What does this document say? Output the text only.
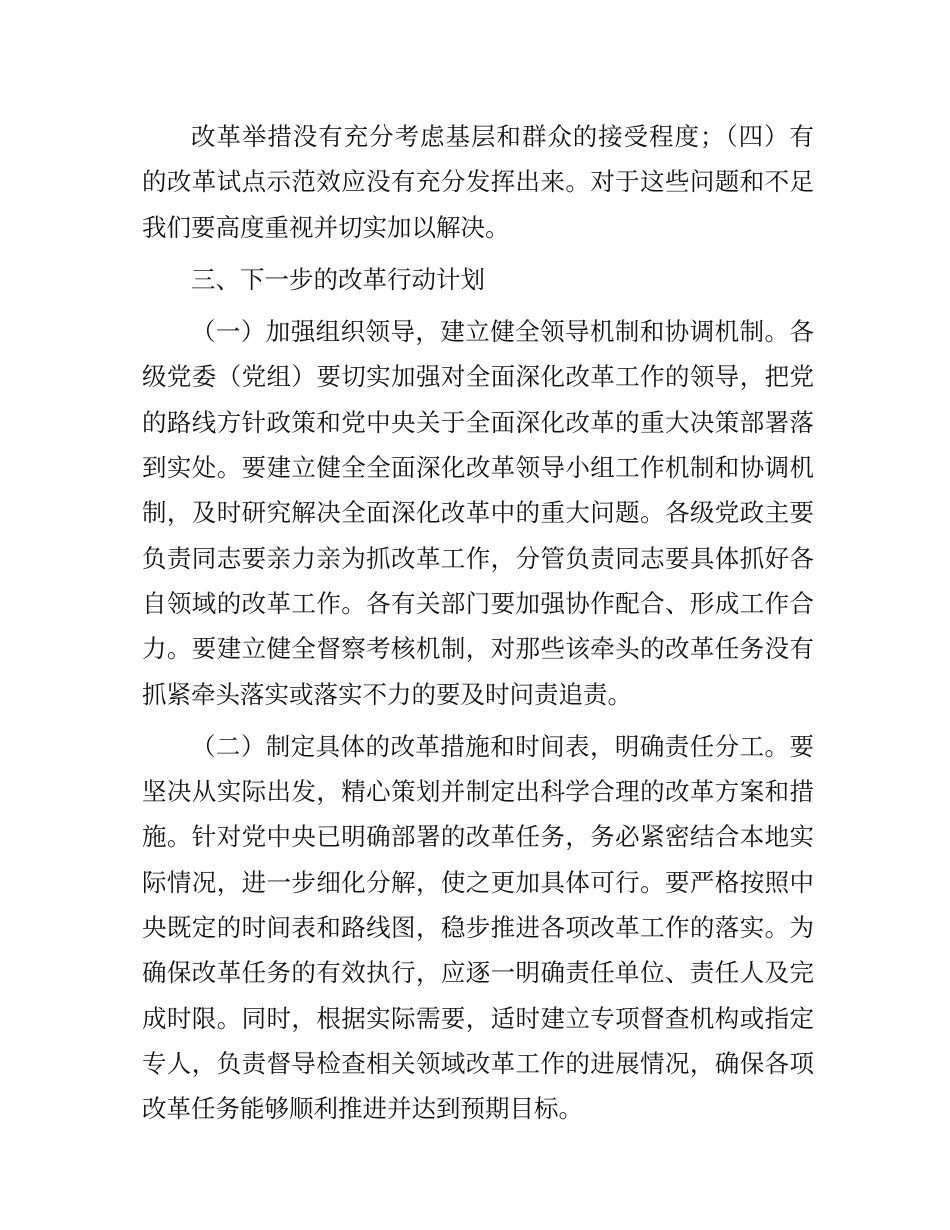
改革举措没有充分考虑基层和群众的接受程度；（四）有的改革试点示范效应没有充分发挥出来。对于这些问题和不足我们要高度重视并切实加以解决。

三、下一步的改革行动计划

（一）加强组织领导，建立健全领导机制和协调机制。各级党委（党组）要切实加强对全面深化改革工作的领导，把党的路线方针政策和党中央关于全面深化改革的重大决策部署落到实处。要建立健全全面深化改革领导小组工作机制和协调机制，及时研究解决全面深化改革中的重大问题。各级党政主要负责同志要亲力亲为抓改革工作，分管负责同志要具体抓好各自领域的改革工作。各有关部门要加强协作配合、形成工作合力。要建立健全督察考核机制，对那些该牵头的改革任务没有抓紧牵头落实或落实不力的要及时问责追责。

（二）制定具体的改革措施和时间表，明确责任分工。要坚决从实际出发，精心策划并制定出科学合理的改革方案和措施。针对党中央已明确部署的改革任务，务必紧密结合本地实际情况，进一步细化分解，使之更加具体可行。要严格按照中央既定的时间表和路线图，稳步推进各项改革工作的落实。为确保改革任务的有效执行，应逐一明确责任单位、责任人及完成时限。同时，根据实际需要，适时建立专项督查机构或指定专人，负责督导检查相关领域改革工作的进展情况，确保各项改革任务能够顺利推进并达到预期目标。
